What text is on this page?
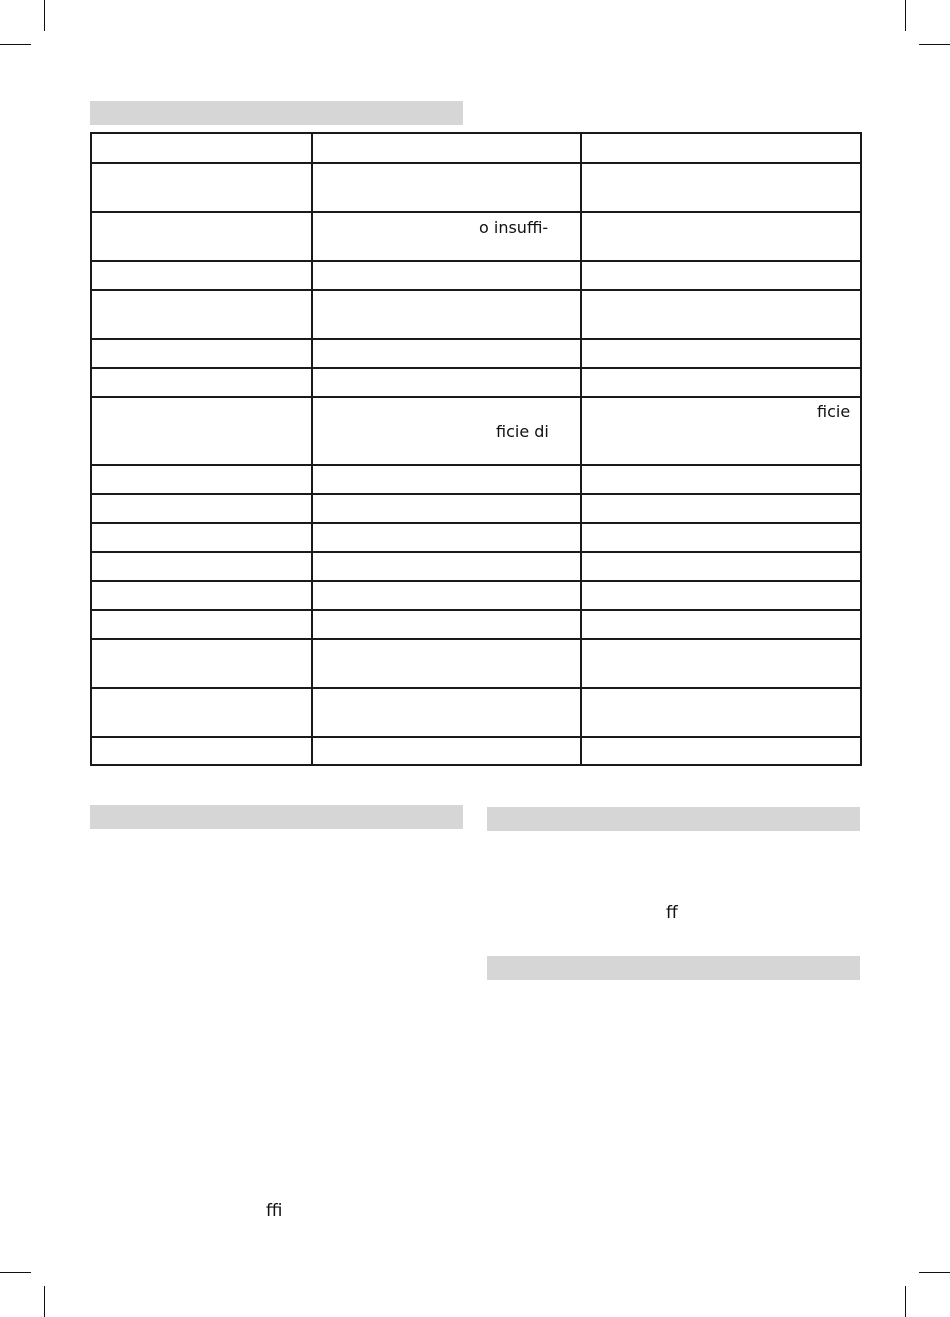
	o insuffi-	

	ficie di	ficie

ff
ffi
